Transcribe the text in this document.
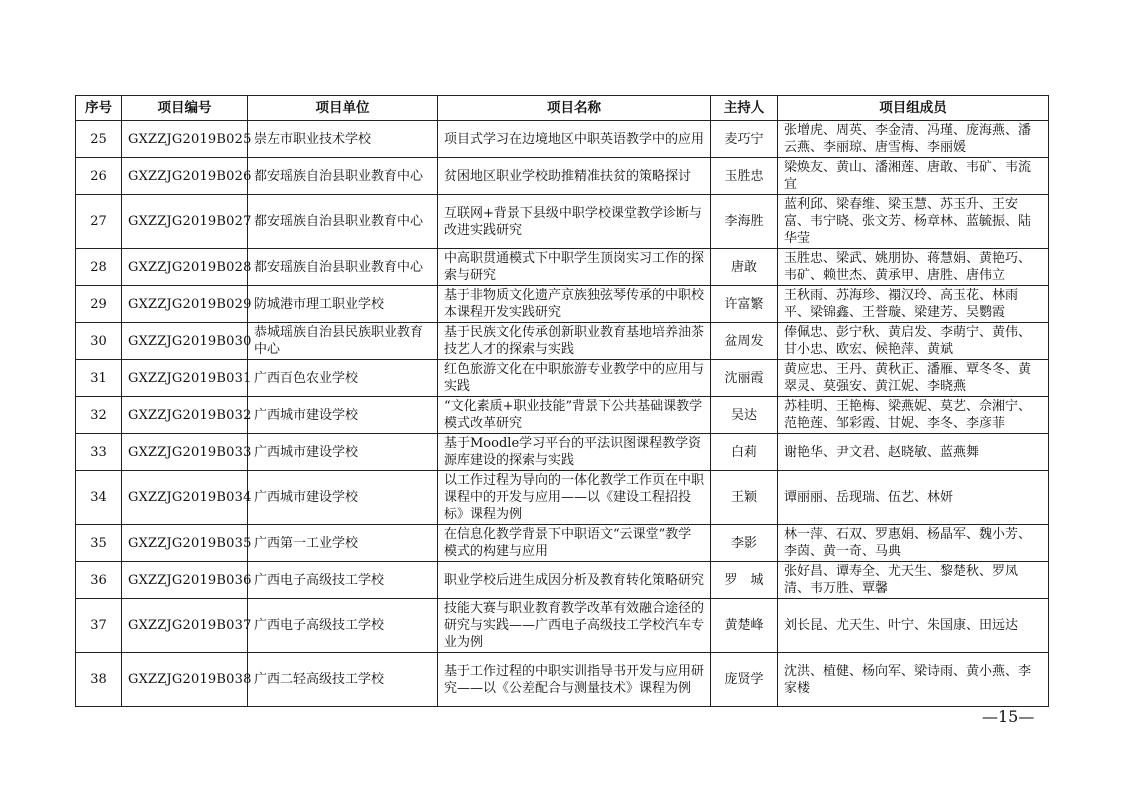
序号	项目编号	项目单位	项目名称	主持人	项目组成员
25	GXZZJG2019B025	崇左市职业技术学校	项目式学习在边境地区中职英语教学中的应用	麦巧宁	张增虎、周英、李金清、冯瑾、庞海燕、潘云燕、李丽琼、唐雪梅、李丽媛
26	GXZZJG2019B026	都安瑶族自治县职业教育中心	贫困地区职业学校助推精准扶贫的策略探讨	玉胜忠	梁焕友、黄山、潘湘莲、唐敢、韦矿、韦流宜
27	GXZZJG2019B027	都安瑶族自治县职业教育中心	互联网+背景下县级中职学校课堂教学诊断与改进实践研究	李海胜	蓝利邱、梁春维、梁玉慧、苏玉升、王安富、韦宁晓、张文芳、杨章林、蓝毓振、陆华莹
28	GXZZJG2019B028	都安瑶族自治县职业教育中心	中高职贯通模式下中职学生顶岗实习工作的探索与研究	唐敢	玉胜忠、梁武、姚朋协、蒋慧娟、黄艳巧、韦矿、赖世杰、黄承甲、唐胜、唐伟立
29	GXZZJG2019B029	防城港市理工职业学校	基于非物质文化遗产京族独弦琴传承的中职校本课程开发实践研究	许富繁	王秋雨、苏海珍、禤汉玲、高玉花、林雨平、梁锦鑫、王誉璇、梁建芳、吴鹦霞
30	GXZZJG2019B030	恭城瑶族自治县民族职业教育中心	基于民族文化传承创新职业教育基地培养油茶技艺人才的探索与实践	盆周发	俸佩忠、彭宁秋、黄启发、李萌宁、黄伟、甘小忠、欧宏、候艳萍、黄斌
31	GXZZJG2019B031	广西百色农业学校	红色旅游文化在中职旅游专业教学中的应用与实践	沈丽霞	黄应忠、王丹、黄秋正、潘雁、覃冬冬、黄翠灵、莫强安、黄江妮、李晓燕
32	GXZZJG2019B032	广西城市建设学校	“文化素质+职业技能”背景下公共基础课教学模式改革研究	吴达	苏桂明、王艳梅、梁燕妮、莫艺、佘湘宁、范艳莲、邹彩霞、甘妮、李冬、李彦菲
33	GXZZJG2019B033	广西城市建设学校	基于Moodle学习平台的平法识图课程教学资源库建设的探索与实践	白莉	谢艳华、尹文君、赵晓敏、蓝燕舞
34	GXZZJG2019B034	广西城市建设学校	以工作过程为导向的一体化教学工作页在中职课程中的开发与应用——以《建设工程招投标》课程为例	王颖	谭丽丽、岳现瑞、伍艺、林妍
35	GXZZJG2019B035	广西第一工业学校	在信息化教学背景下中职语文“云课堂”教学模式的构建与应用	李影	林一萍、石双、罗惠娟、杨晶军、魏小芳、李茵、黄一奇、马典
36	GXZZJG2019B036	广西电子高级技工学校	职业学校后进生成因分析及教育转化策略研究	罗　城	张好昌、谭寿全、尤天生、黎楚秋、罗凤清、韦万胜、覃馨
37	GXZZJG2019B037	广西电子高级技工学校	技能大赛与职业教育教学改革有效融合途径的研究与实践——广西电子高级技工学校汽车专业为例	黄楚峰	刘长昆、尤天生、叶宁、朱国康、田远达
38	GXZZJG2019B038	广西二轻高级技工学校	基于工作过程的中职实训指导书开发与应用研究——以《公差配合与测量技术》课程为例	庞贤学	沈洪、植健、杨向军、梁诗雨、黄小燕、李家楼
—15—
